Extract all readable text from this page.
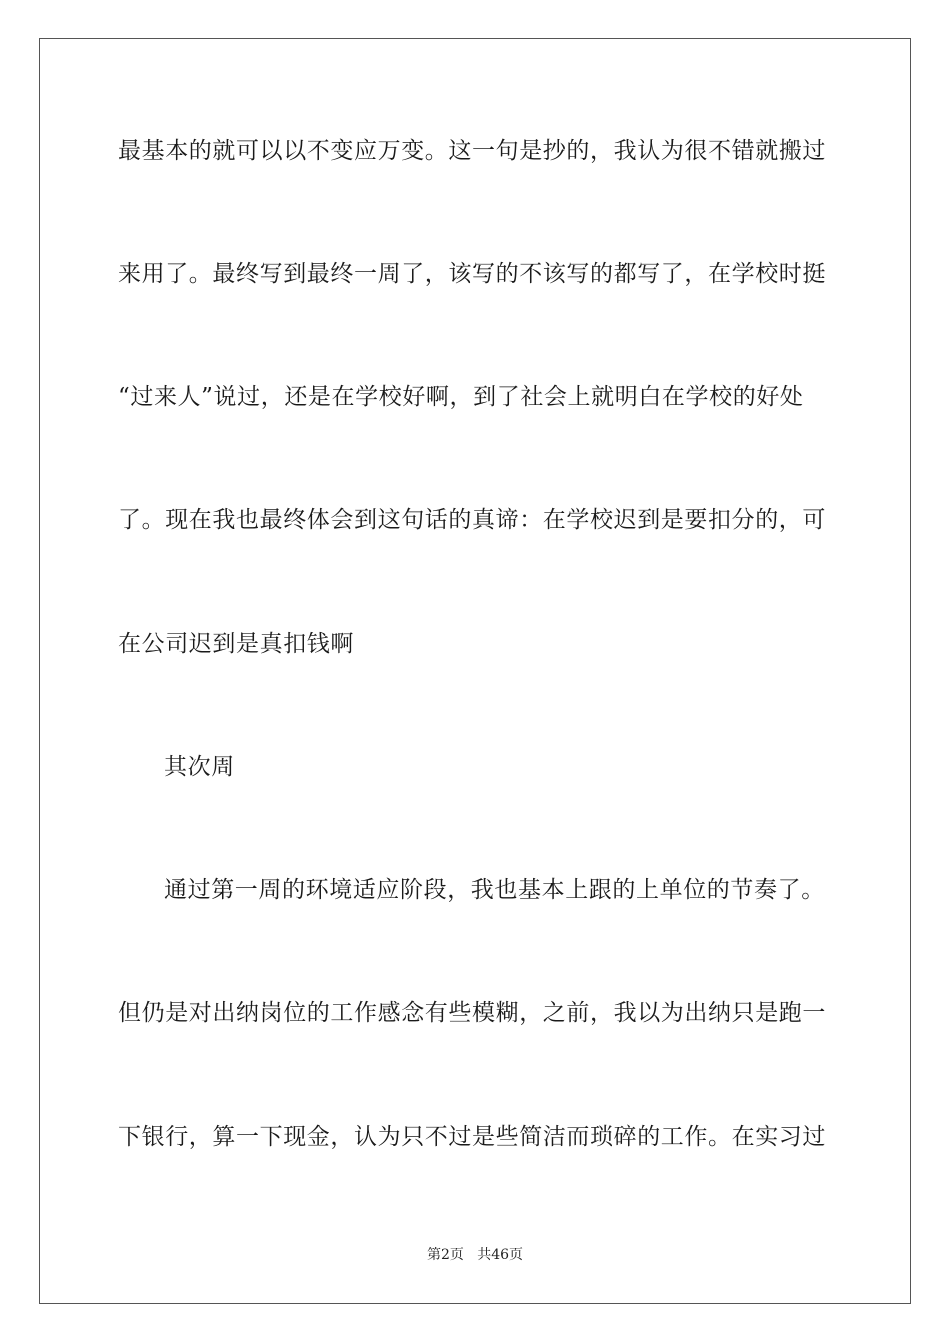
最基本的就可以以不变应万变。这一句是抄的，我认为很不错就搬过
来用了。最终写到最终一周了，该写的不该写的都写了，在学校时挺
“过来人”说过，还是在学校好啊，到了社会上就明白在学校的好处
了。现在我也最终体会到这句话的真谛：在学校迟到是要扣分的，可
在公司迟到是真扣钱啊
其次周
通过第一周的环境适应阶段，我也基本上跟的上单位的节奏了。
但仍是对出纳岗位的工作感念有些模糊，之前，我以为出纳只是跑一
下银行，算一下现金，认为只不过是些简洁而琐碎的工作。在实习过
第2页   共46页
